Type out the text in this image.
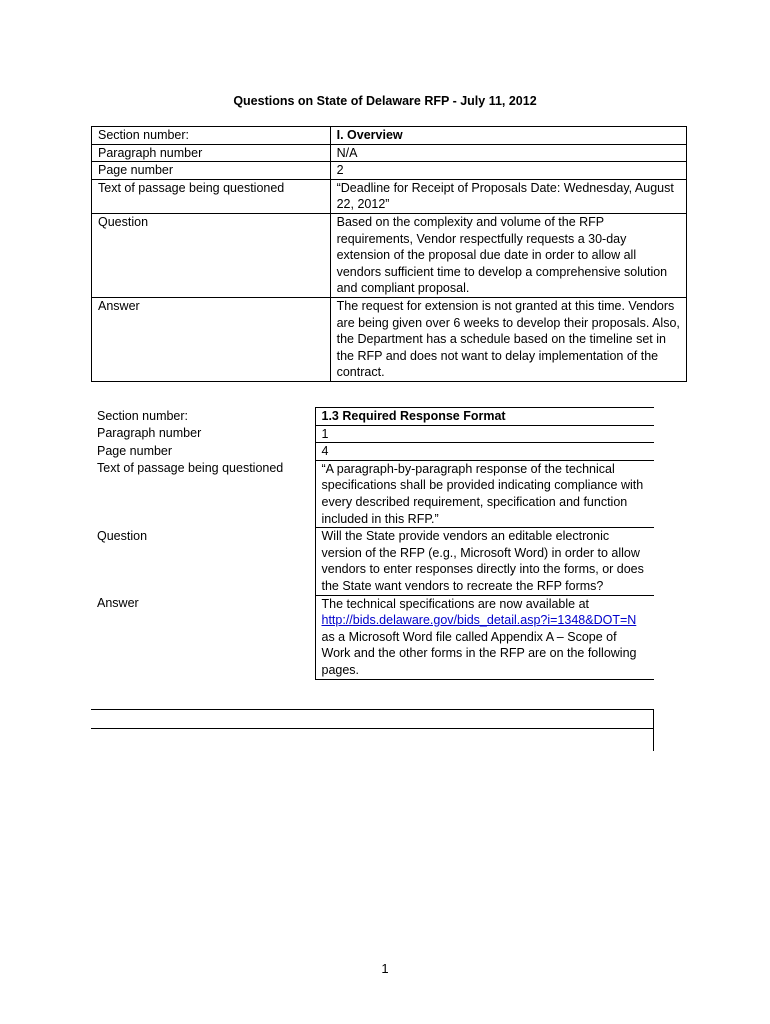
Questions on State of Delaware RFP - July 11, 2012
Section number:	I. Overview
Paragraph number	N/A
Page number	2
Text of passage being questioned	“Deadline for Receipt of Proposals Date: Wednesday, August 22, 2012”
Question	Based on the complexity and volume of the RFP requirements, Vendor respectfully requests a 30-day extension of the proposal due date in order to allow all vendors sufficient time to develop a comprehensive solution and compliant proposal.
Answer	The request for extension is not granted at this time. Vendors are being given over 6 weeks to develop their proposals. Also, the Department has a schedule based on the timeline set in the RFP and does not want to delay implementation of the contract.
Section number:	1.3 Required Response Format
Paragraph number	1
Page number	4
Text of passage being questioned	“A paragraph-by-paragraph response of the technical specifications shall be provided indicating compliance with every described requirement, specification and function included in this RFP.”
Question	Will the State provide vendors an editable electronic version of the RFP (e.g., Microsoft Word) in order to allow vendors to enter responses directly into the forms, or does the State want vendors to recreate the RFP forms?
Answer	The technical specifications are now available at http://bids.delaware.gov/bids_detail.asp?i=1348&DOT=N as a Microsoft Word file called Appendix A – Scope of Work and the other forms in the RFP are on the following pages.
1
